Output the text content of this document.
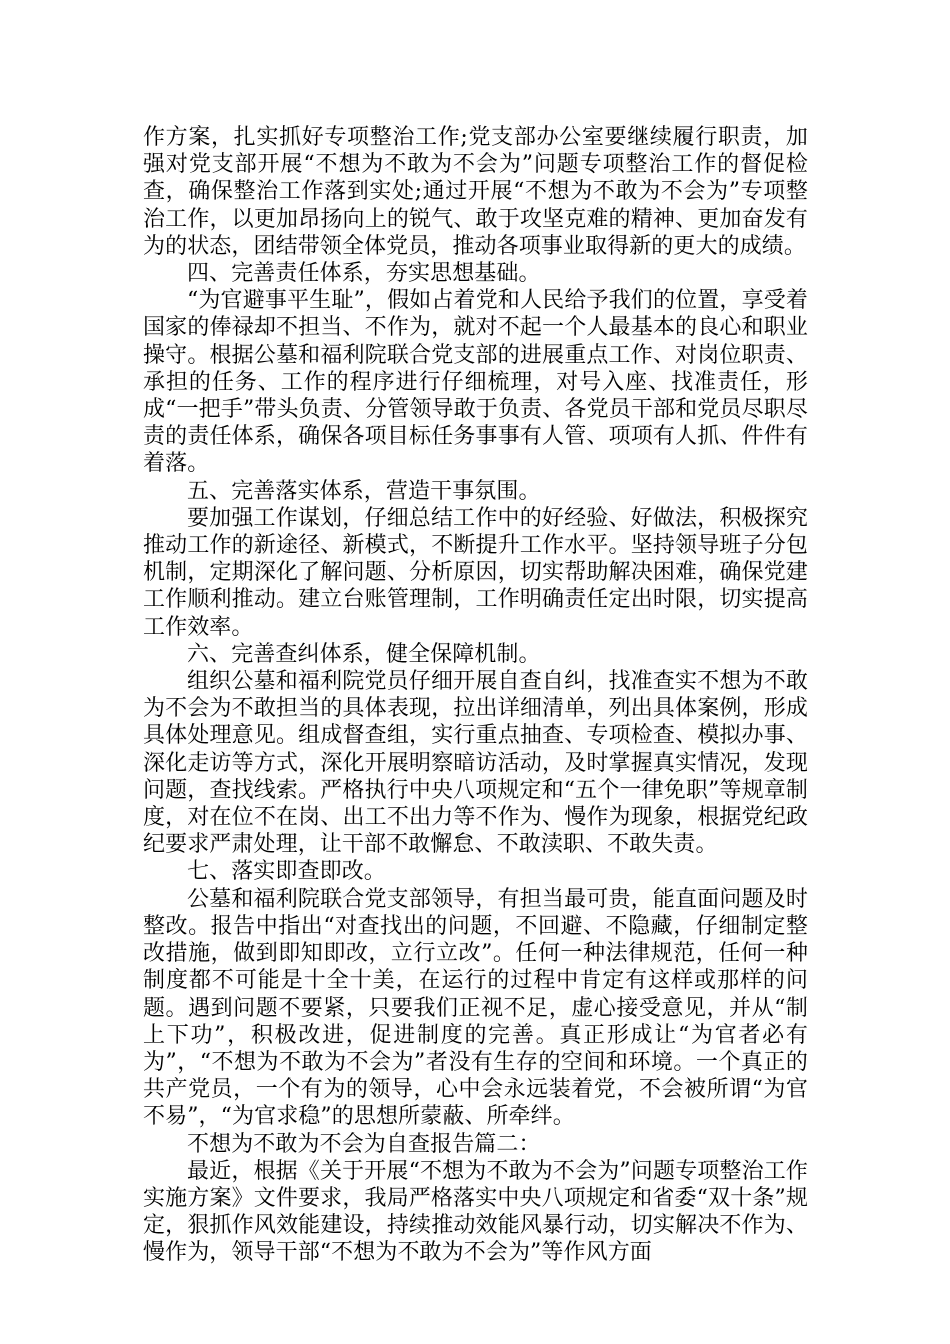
作方案，扎实抓好专项整治工作;党支部办公室要继续履行职责，加强对党支部开展“不想为不敢为不会为”问题专项整治工作的督促检查，确保整治工作落到实处;通过开展“不想为不敢为不会为”专项整治工作，以更加昂扬向上的锐气、敢于攻坚克难的精神、更加奋发有为的状态，团结带领全体党员，推动各项事业取得新的更大的成绩。

四、完善责任体系，夯实思想基础。

“为官避事平生耻”，假如占着党和人民给予我们的位置，享受着国家的俸禄却不担当、不作为，就对不起一个人最基本的良心和职业操守。根据公墓和福利院联合党支部的进展重点工作、对岗位职责、承担的任务、工作的程序进行仔细梳理，对号入座、找准责任，形成“一把手”带头负责、分管领导敢于负责、各党员干部和党员尽职尽责的责任体系，确保各项目标任务事事有人管、项项有人抓、件件有着落。

五、完善落实体系，营造干事氛围。

要加强工作谋划，仔细总结工作中的好经验、好做法，积极探究推动工作的新途径、新模式，不断提升工作水平。坚持领导班子分包机制，定期深化了解问题、分析原因，切实帮助解决困难，确保党建工作顺利推动。建立台账管理制，工作明确责任定出时限，切实提高工作效率。

六、完善查纠体系，健全保障机制。

组织公墓和福利院党员仔细开展自查自纠，找准查实不想为不敢为不会为不敢担当的具体表现，拉出详细清单，列出具体案例，形成具体处理意见。组成督查组，实行重点抽查、专项检查、模拟办事、深化走访等方式，深化开展明察暗访活动，及时掌握真实情况，发现问题，查找线索。严格执行中央八项规定和“五个一律免职”等规章制度，对在位不在岗、出工不出力等不作为、慢作为现象，根据党纪政纪要求严肃处理，让干部不敢懈怠、不敢渎职、不敢失责。

七、落实即查即改。

公墓和福利院联合党支部领导，有担当最可贵，能直面问题及时整改。报告中指出“对查找出的问题，不回避、不隐藏，仔细制定整改措施，做到即知即改，立行立改”。任何一种法律规范，任何一种制度都不可能是十全十美，在运行的过程中肯定有这样或那样的问题。遇到问题不要紧，只要我们正视不足，虚心接受意见，并从“制上下功”，积极改进，促进制度的完善。真正形成让“为官者必有为”，“不想为不敢为不会为”者没有生存的空间和环境。一个真正的共产党员，一个有为的领导，心中会永远装着党，不会被所谓“为官不易”，“为官求稳”的思想所蒙蔽、所牵绊。

不想为不敢为不会为自查报告篇二：

最近，根据《关于开展“不想为不敢为不会为”问题专项整治工作实施方案》文件要求，我局严格落实中央八项规定和省委“双十条”规定，狠抓作风效能建设，持续推动效能风暴行动，切实解决不作为、慢作为，领导干部“不想为不敢为不会为”等作风方面
